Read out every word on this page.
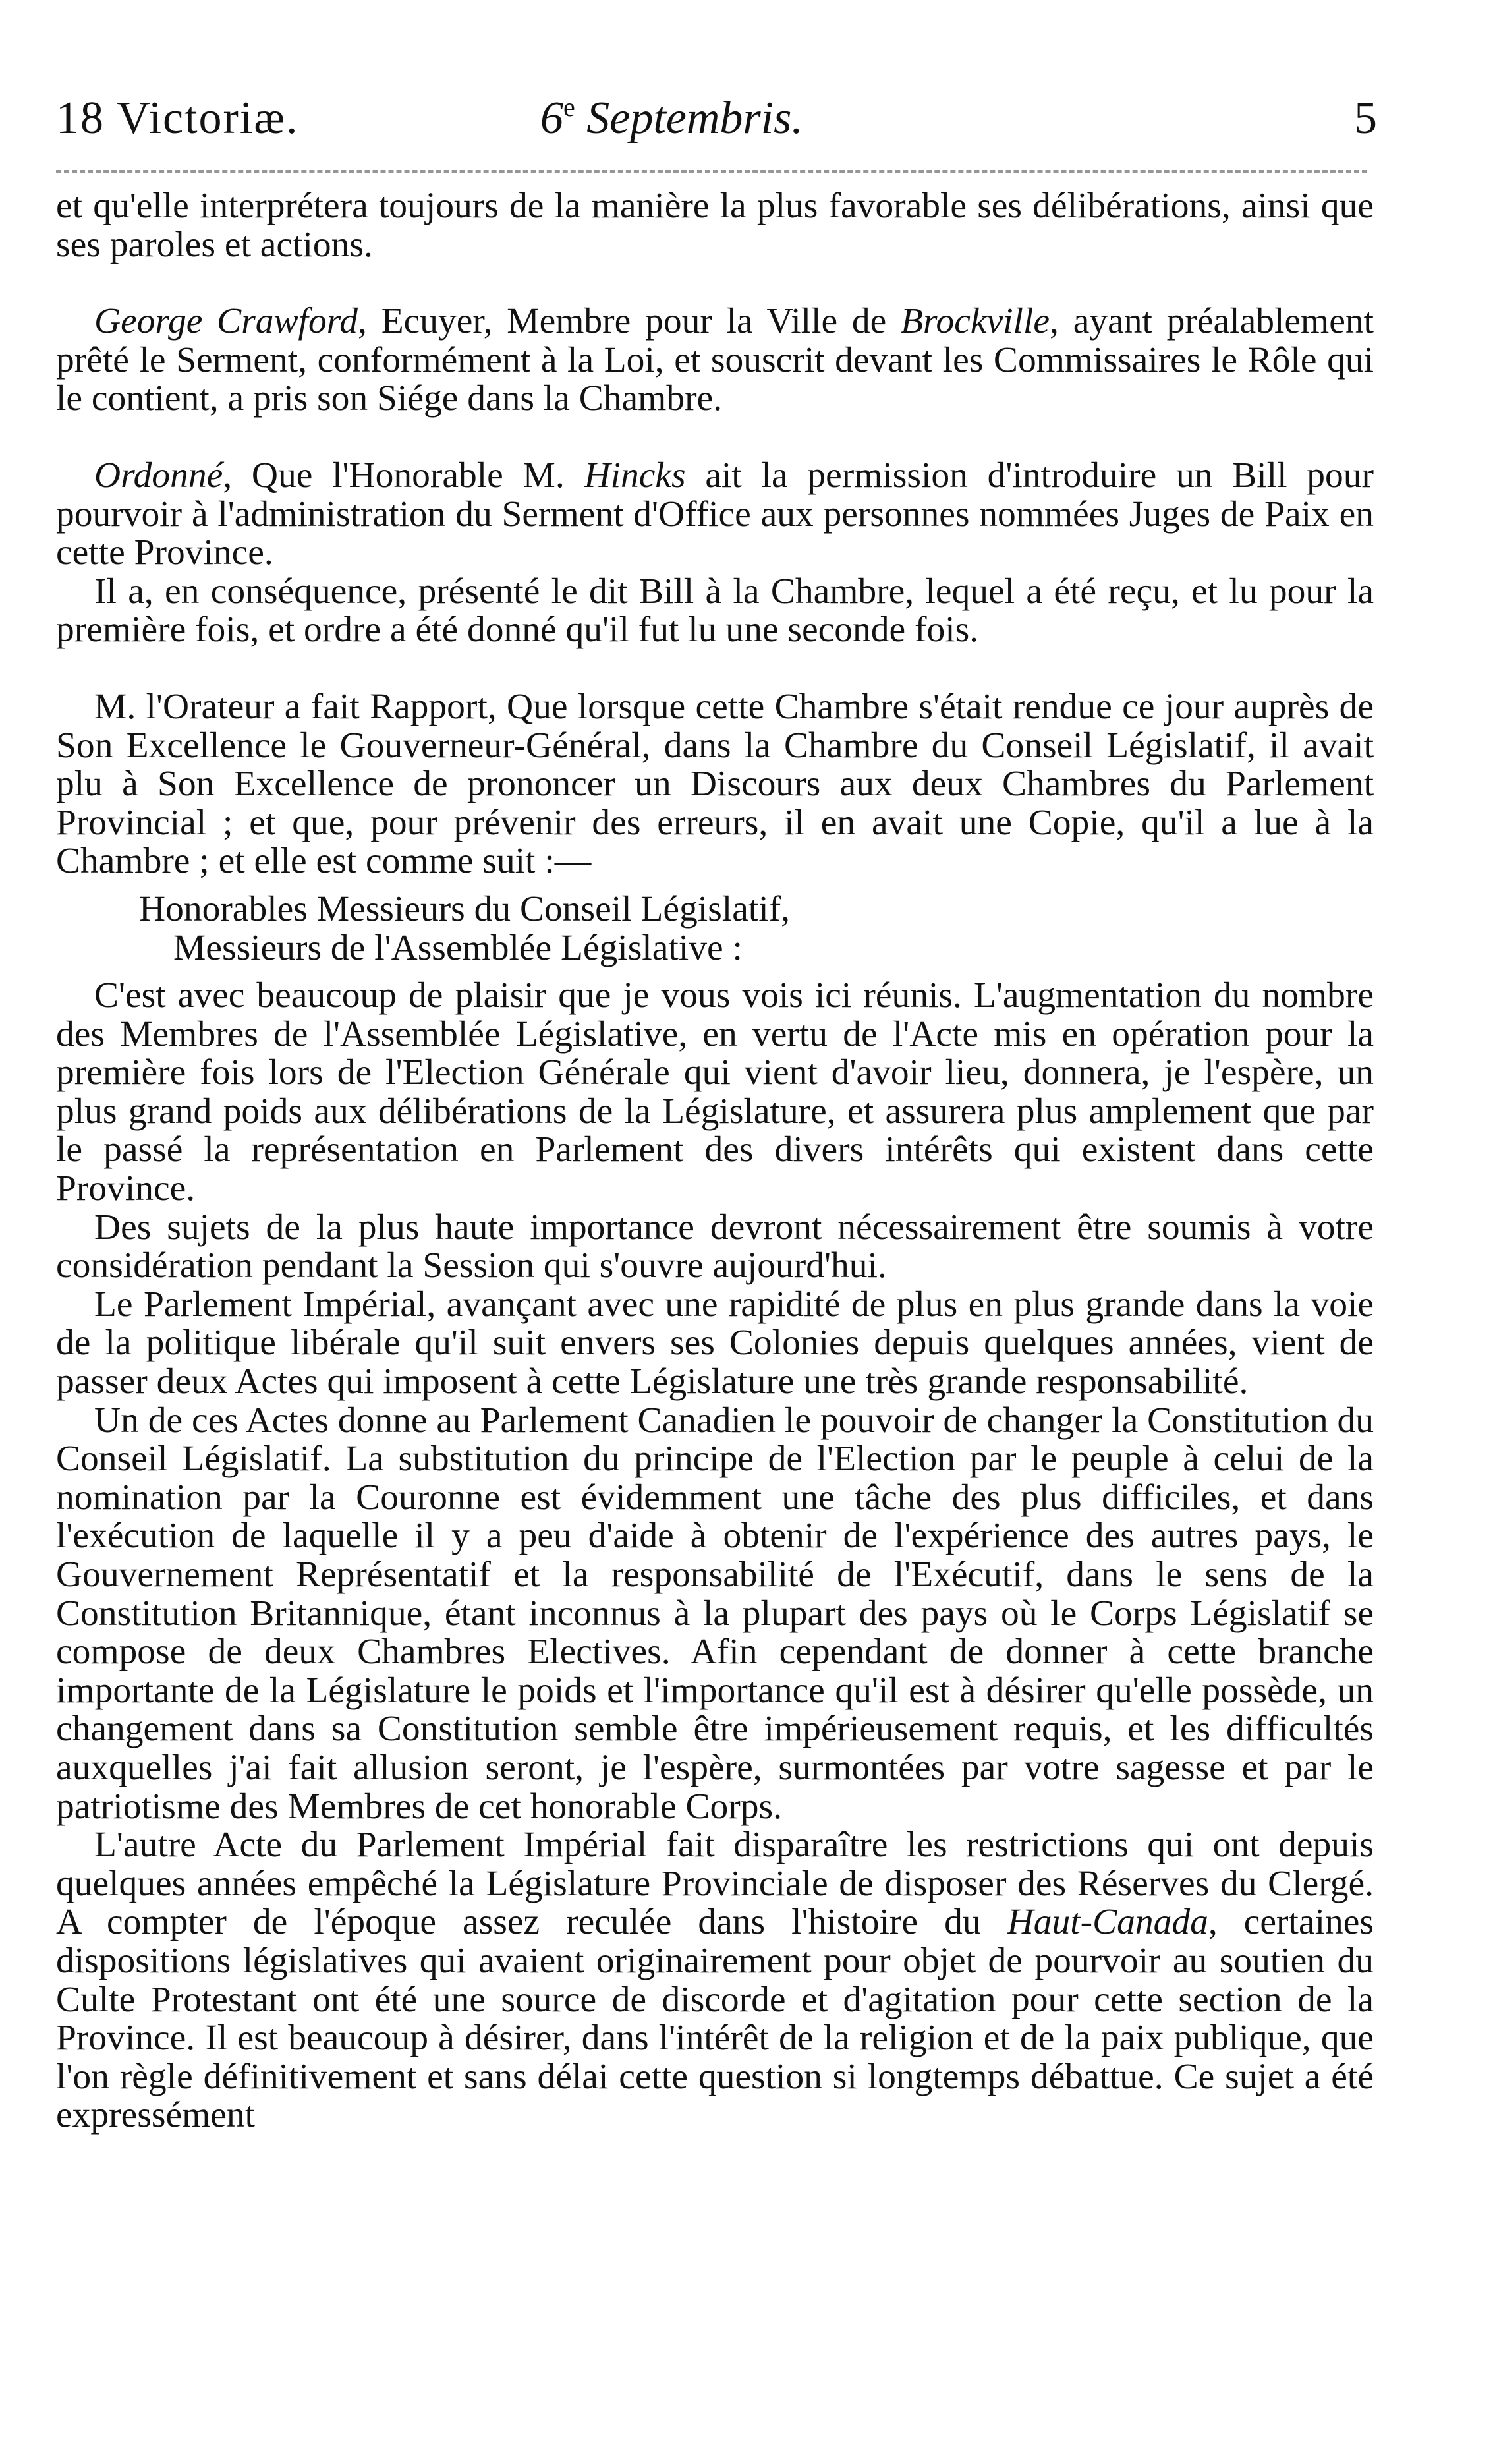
18 Victoriæ.	6e Septembris.	5

et qu'elle interprétera toujours de la manière la plus favorable ses délibérations, ainsi que ses paroles et actions.

George Crawford, Ecuyer, Membre pour la Ville de Brockville, ayant préalablement prêté le Serment, conformément à la Loi, et souscrit devant les Commissaires le Rôle qui le contient, a pris son Siége dans la Chambre.

Ordonné, Que l'Honorable M. Hincks ait la permission d'introduire un Bill pour pourvoir à l'administration du Serment d'Office aux personnes nommées Juges de Paix en cette Province.

Il a, en conséquence, présenté le dit Bill à la Chambre, lequel a été reçu, et lu pour la première fois, et ordre a été donné qu'il fut lu une seconde fois.

M. l'Orateur a fait Rapport, Que lorsque cette Chambre s'était rendue ce jour auprès de Son Excellence le Gouverneur-Général, dans la Chambre du Conseil Législatif, il avait plu à Son Excellence de prononcer un Discours aux deux Chambres du Parlement Provincial ; et que, pour prévenir des erreurs, il en avait une Copie, qu'il a lue à la Chambre ; et elle est comme suit :—

Honorables Messieurs du Conseil Législatif,

Messieurs de l'Assemblée Législative :

C'est avec beaucoup de plaisir que je vous vois ici réunis. L'augmentation du nombre des Membres de l'Assemblée Législative, en vertu de l'Acte mis en opération pour la première fois lors de l'Election Générale qui vient d'avoir lieu, donnera, je l'espère, un plus grand poids aux délibérations de la Législature, et assurera plus amplement que par le passé la représentation en Parlement des divers intérêts qui existent dans cette Province.

Des sujets de la plus haute importance devront nécessairement être soumis à votre considération pendant la Session qui s'ouvre aujourd'hui.

Le Parlement Impérial, avançant avec une rapidité de plus en plus grande dans la voie de la politique libérale qu'il suit envers ses Colonies depuis quelques années, vient de passer deux Actes qui imposent à cette Législature une très grande responsabilité.

Un de ces Actes donne au Parlement Canadien le pouvoir de changer la Constitution du Conseil Législatif. La substitution du principe de l'Election par le peuple à celui de la nomination par la Couronne est évidemment une tâche des plus difficiles, et dans l'exécution de laquelle il y a peu d'aide à obtenir de l'expérience des autres pays, le Gouvernement Représentatif et la responsabilité de l'Exécutif, dans le sens de la Constitution Britannique, étant inconnus à la plupart des pays où le Corps Législatif se compose de deux Chambres Electives. Afin cependant de donner à cette branche importante de la Législature le poids et l'importance qu'il est à désirer qu'elle possède, un changement dans sa Constitution semble être impérieusement requis, et les difficultés auxquelles j'ai fait allusion seront, je l'espère, surmontées par votre sagesse et par le patriotisme des Membres de cet honorable Corps.

L'autre Acte du Parlement Impérial fait disparaître les restrictions qui ont depuis quelques années empêché la Législature Provinciale de disposer des Réserves du Clergé. A compter de l'époque assez reculée dans l'histoire du Haut-Canada, certaines dispositions législatives qui avaient originairement pour objet de pourvoir au soutien du Culte Protestant ont été une source de discorde et d'agitation pour cette section de la Province. Il est beaucoup à désirer, dans l'intérêt de la religion et de la paix publique, que l'on règle définitivement et sans délai cette question si longtemps débattue. Ce sujet a été expressément
